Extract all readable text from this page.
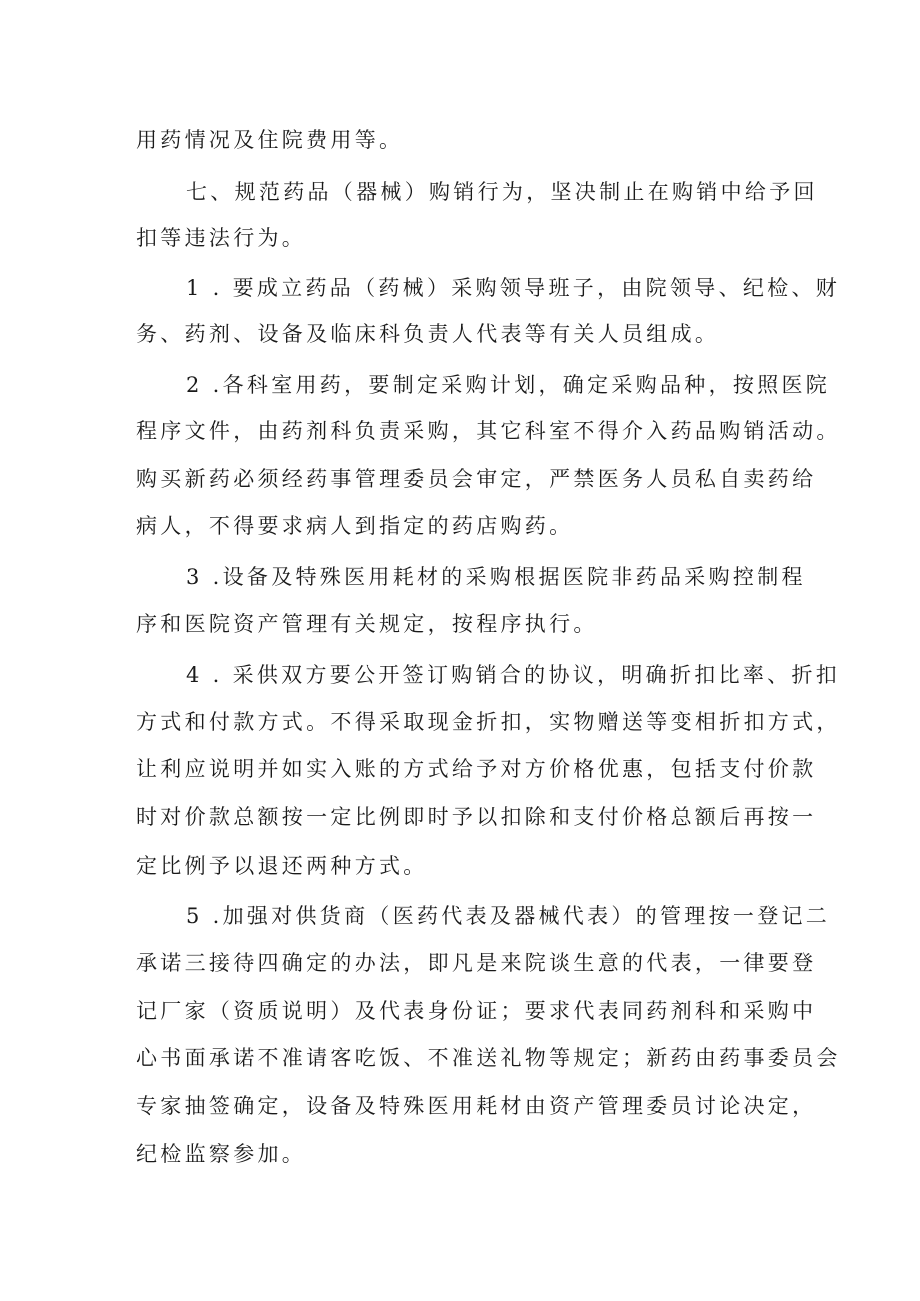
用药情况及住院费用等。
七、规范药品（器械）购销行为，坚决制止在购销中给予回
扣等违法行为。
1 . 要成立药品（药械）采购领导班子，由院领导、纪检、财
务、药剂、设备及临床科负责人代表等有关人员组成。
2 .各科室用药，要制定采购计划，确定采购品种，按照医院
程序文件，由药剂科负责采购，其它科室不得介入药品购销活动。
购买新药必须经药事管理委员会审定，严禁医务人员私自卖药给
病人，不得要求病人到指定的药店购药。
3 .设备及特殊医用耗材的采购根据医院非药品采购控制程
序和医院资产管理有关规定，按程序执行。
4 . 采供双方要公开签订购销合的协议，明确折扣比率、折扣
方式和付款方式。不得采取现金折扣，实物赠送等变相折扣方式，
让利应说明并如实入账的方式给予对方价格优惠，包括支付价款
时对价款总额按一定比例即时予以扣除和支付价格总额后再按一
定比例予以退还两种方式。
5 .加强对供货商（医药代表及器械代表）的管理按一登记二
承诺三接待四确定的办法，即凡是来院谈生意的代表，一律要登
记厂家（资质说明）及代表身份证；要求代表同药剂科和采购中
心书面承诺不准请客吃饭、不准送礼物等规定；新药由药事委员会
专家抽签确定，设备及特殊医用耗材由资产管理委员讨论决定，
纪检监察参加。
